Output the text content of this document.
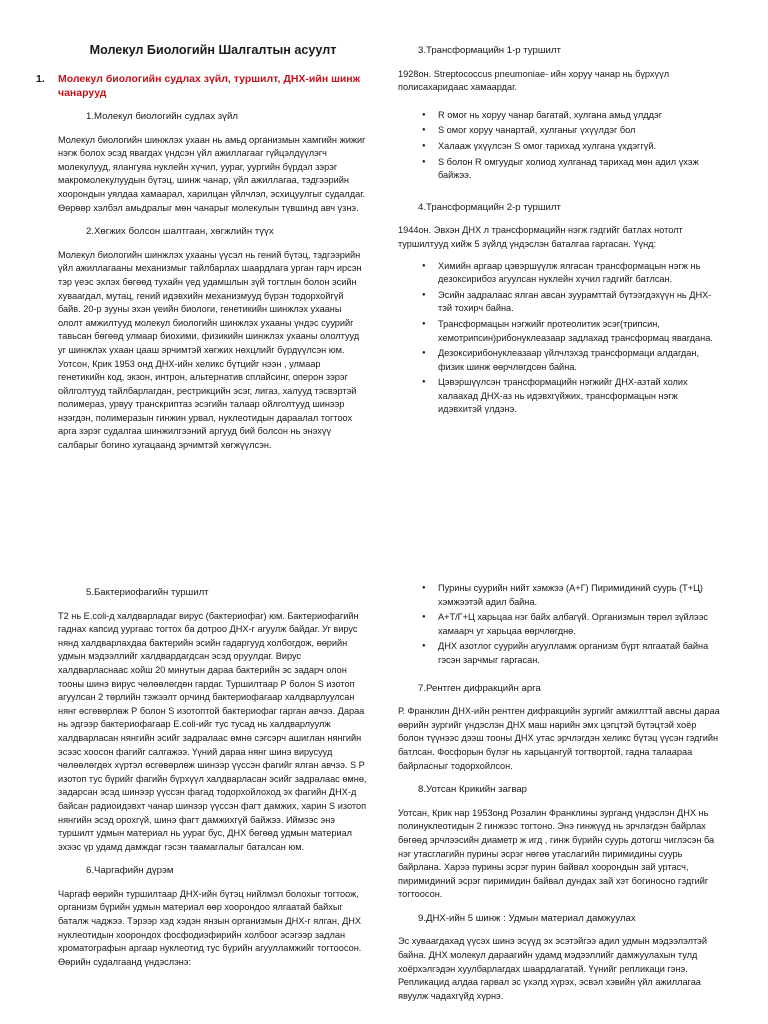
Молекул Биологийн Шалгалтын асуулт
1. Молекул биологийн судлах зүйл, туршилт, ДНХ-ийн шинж чанарууд
1.Молекул биологийн судлах зүйл

Молекул биологийн шинжлэх ухаан нь амьд организмын хамгийн жижиг нэгж болох эсэд явагдах үндсэн үйл ажиллагааг гүйцэлдүүлэгч молекулууд, ялангуяа нуклейн хүчил, уураг, уургийн бүрдэл зэрэг макромолекулуудын бүтэц, шинж чанар, үйл ажиллагаа, тэдгээрийн хоорондын уялдаа хамаарал, харилцан үйлчлэл, эсхицуулгыг судалдаг. Өөрөөр хэлбэл амьдралыг мөн чанарыг молекулын түвшинд авч үзнэ.

2.Хөгжих болсон шалтгаан, хөгжлийн түүх

Молекул биологийн шинжлэх ухааны үүсэл нь гений бүтэц, тэдгээрийн үйл ажиллагааны механизмыг тайлбарлах шаардлага урган гарч ирсэн тэр үеэс эхлэх бөгөөд тухайн үед удамшлын зүй тогтлын болон эсийн хуваагдал, мутац, гений идэвхийн механизмууд бүрэн тодорхойгүй байв. 20-р зууны эхэн үеийн биологи, генетикийн шинжлэх ухааны ололт амжилтууд молекул биологийн шинжлэх ухааны үндэс суурийг тавьсан бөгөөд улмаар биохими, физикийн шинжлэх ухааны ололтууд уг шинжлэх ухаан цааш эрчимтэй хөгжих нөхцлийг бүрдүүлсэн юм. Уотсон, Крик 1953 онд ДНХ-ийн хеликс бүтцийг нээн , улмаар генетикийн код, экзон, интрон, альтернатив сплайсинг, оперон зэрэг ойлголтууд тайлбарлагдан, рестрикцийн эсэг, лигаз, халууд тэсвэртэй полимераз, урвуу транскриптаз эсэгийн талаар ойлголтууд шинээр нээгдэн, полимеразын гинжин урвал, нуклеотидын дараалал тогтоох арга зэрэг судалгаа шинжилгээний аргууд бий болсон нь энэхүү салбарыг богино хугацаанд эрчимтэй хөгжүүлсэн.

3.Трансформацийн 1-р туршилт

1928он. Streptococcus pneumoniae- ийн хоруу чанар нь бүрхүүл полисахаридаас хамаардаг.

● R омог нь хоруу чанар багатай, хулгана амьд үлддэг
● S омог хоруу чанартай, хулганыг үхүүлдэг бол
● Халааж үхүүлсэн S омог тарихад хулгана үхдэггүй.
● S болон R омгуудыг холиод хулганад тарихад мөн адил үхэж байжээ.
4.Трансформацийн 2-р туршилт

1944он. Эвхэн ДНХ л трансформацийн нэгж гэдгийг батлах нотолт туршилтууд хийж 5 зүйлд үндэслэн баталгаа гаргасан. Үүнд:

● Химийн аргаар цэвэршүүлж ялгасан трансформацын нэгж нь дезоксирибоз агуулсан нуклейн хүчил гэдгийг батлсан.
● Эсийн задралаас ялган авсан зуурамттай бүтээгдэхүүн нь ДНХ-тэй тохирч байна.
● Трансформацын нэгжийг протеолитик эсэг(трипсин, хемотрипсин)рибонуклеазаар задлахад трансформац явагдана.
● Дезоксирибонуклеазаар үйлчлэхэд трансформаци алдагдан, физик шинж өөрчлөгдсөн байна.
● Цэвэршүүлсэн трансформацийн нэгжийг ДНХ-азтай холих халаахад ДНХ-аз нь идэвхгүйжих, трансформацын нэгж идэвхитэй үлдэнэ.
5.Бактериофагийн туршилт

Т2 нь E.coli-д халдварладаг вирус (бактериофаг) юм. Бактериофагийн гаднах капсид уургаас тогтох ба дотроо ДНХ-г агуулж байдаг. Уг вирус нянд халдварлахдаа бактерийн эсийн гадаргууд холбогдож, өөрийн удмын мэдээллийг халдвардагдсан эсэд оруулдаг. Вирус халдварласнаас хойш 20 минутын дараа бактерийн эс задарч олон тооны шинэ вирус чөлөөлөгдөн гардаг. Туршилтаар Р болон S изотоп агуулсан 2 төрлийн тэжээлт орчинд бактериофагаар халдварлуулсан нянг өсгөвөрлөж Р болон S изотоптой бактериофаг гарган авчээ. Дараа нь эдгээр бактериофагаар E.coli-ийг тус тусад нь халдварлуулж халдварласан нянгийн эсийг задралаас өмнө сэгсэрч ашиглан нянгийн эсээс хоосон фагийг салгажээ. Үүний дараа нянг шинэ вирусууд чөлөөлөгдөх хүртэл өсгөвөрлөж шинээр үүссэн фагийг ялган авчээ. S P изотоп тус бүрийг фагийн бүрхүүл халдварласан эсийг задралаас өмнө, задарсан эсэд шинээр үүссэн фагад тодорхойлоход эх фагийн ДНХ-д байсан радиоидэвхт чанар шинээр үүссэн фагт дамжих, харин S изотоп нянгийн эсэд орохгүй, шинэ фагт дамжихгүй байжээ. Иймээс энэ туршилт удмын материал нь уураг бус, ДНХ бөгөөд удмын материал эхээс үр удамд дамждаг гэсэн таамаглалыг баталсан юм.

6.Чаргафийн дүрэм

Чаргаф өөрийн туршилтаар ДНХ-ийн бүтэц нийлмэл болохыг тогтоож, организм бүрийн удмын материал өөр хоорондоо ялгаатай байхыг баталж чаджээ. Тэрээр хэд хэдэн янзын организмын ДНХ-г ялган, ДНХ нуклеотидын хоорондох фосфодиэфирийн холбоог эсэгээр задлан хроматографын аргаар нуклеотид тус бүрийн агуулламжийг тогтоосон. Өөрийн судалгаанд үндэслэнэ:

● Пурины суурийн нийт хэмжээ (А+Г) Пиримидиний суурь (Т+Ц) хэмжээтэй адил байна.
● А+Т/Г+Ц харьцаа нэг байх албагүй. Организмын төрөл зүйлээс хамаарч уг харьцаа өөрчлөгднө.
● ДНХ азотлог суурийн агуулламж организм бүрт ялгаатай байна гэсэн зарчмыг гаргасан.
7.Рентген дифракцийн арга

Р. Франклин ДНХ-ийн рентген дифракцийн зургийг амжилттай авсны дараа өөрийн зургийг үндэслэн ДНХ маш нарийн эмх цэгцтэй бүтэцтэй хоёр болон түүнээс дээш тооны ДНХ утас эрчлэгдэн хеликс бүтэц үүсэн гэдгийн батлсан. Фосфорын бүлэг нь харьцангуй тогтвортой, гадна талаараа байрласныг тодорхойлсон.

8.Уотсан Крикийн загвар

Уотсан, Крик нар 1953онд Розалин Франклины зурганд үндэслэн ДНХ нь полинуклеотидын 2 гинжээс тогтоно. Энэ гинжүүд нь эрчлэгдэн байрлах бөгөөд эрчлээсийн диаметр ж игд , гинж бүрийн суурь дотогш чиглэсэн ба нэг утасглагийн пурины эсрэг нөгөө утаслагийн пиримидины суурь байрлана. Харээ пурины эсрэг пурин байвал хоорондын зай уртасч, пиримидиний эсрэг пиримидин байвал дундах зай хэт богиносно гэдгийг тогтоосон.

9.ДНХ-ийн 5 шинж : Удмын материал дамжуулах

Эс хуваагдахад үүсэх шинэ эсүүд эх эсэтэйгээ адил удмын мэдээлэлтэй байна. ДНХ молекул дараагийн удамд мэдээллийг дамжуулахын тулд хоёрхэлгэдэн хуулбарлагдах шаардлагатай. Үүнийг репликаци гэнэ. Репликацид алдаа гарвал эс үхэлд хүрэх, эсвэл хэвийн үйл ажиллагаа явуулж чадахгүйд хүрнэ.
